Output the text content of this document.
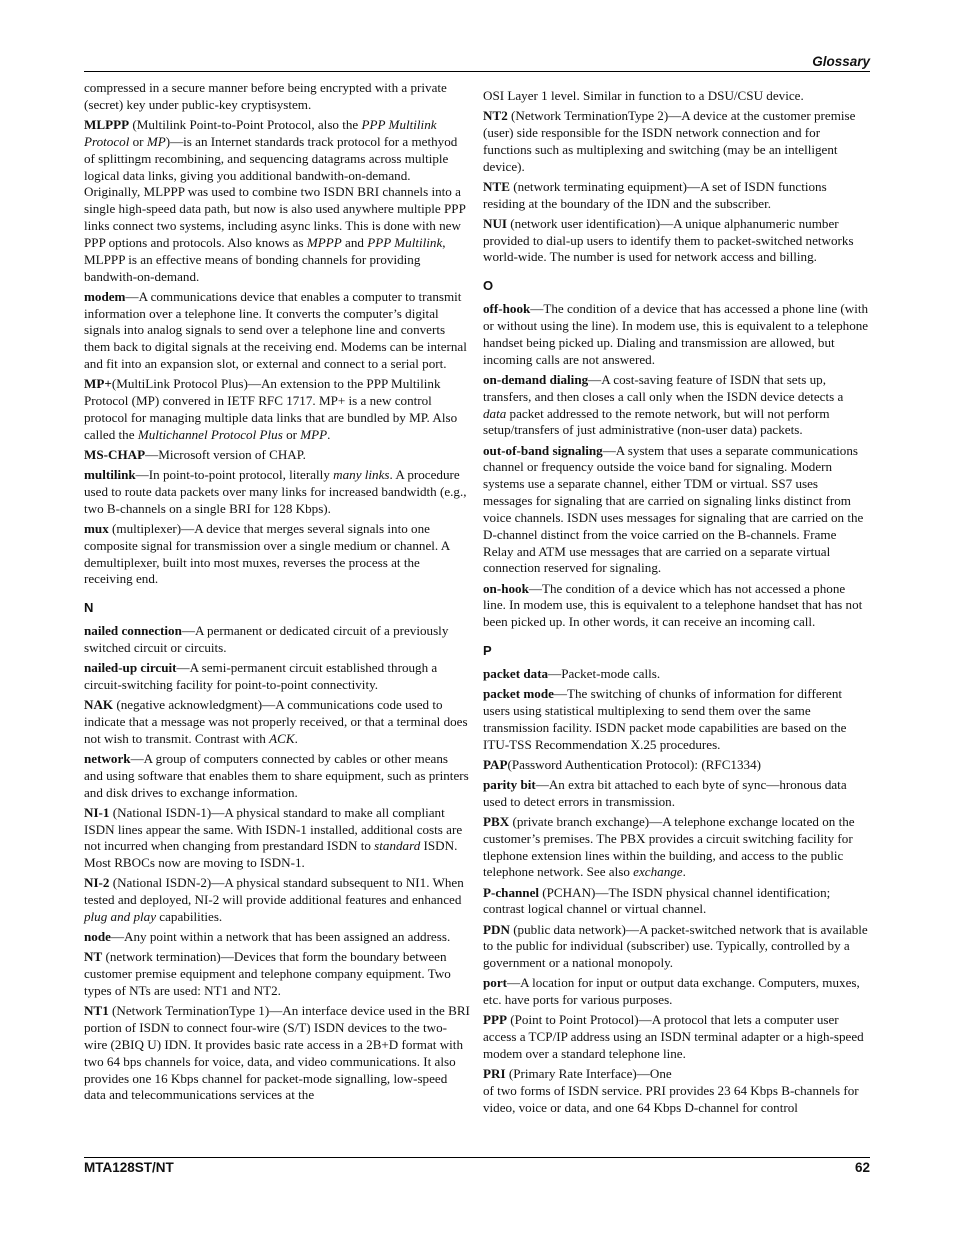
Glossary

compressed in a secure manner before being encrypted with a private (secret) key under public-key cryptisystem.

MLPPP (Multilink Point-to-Point Protocol, also the PPP Multilink Protocol or MP)—is an Internet standards track protocol for a methyod of splittingm recombining, and sequencing datagrams across multiple logical data links, giving you additional bandwith-on-demand. Originally, MLPPP was used to combine two ISDN BRI channels into a single high-speed data path, but now is also used anywhere multiple PPP links connect two systems, including async links. This is done with new PPP options and protocols. Also knows as MPPP and PPP Multilink, MLPPP is an effective means of bonding channels for providing bandwith-on-demand.

modem—A communications device that enables a computer to transmit information over a telephone line. It converts the computer’s digital signals into analog signals to send over a telephone line and converts them back to digital signals at the receiving end. Modems can be internal and fit into an expansion slot, or external and connect to a serial port.

MP+(MultiLink Protocol Plus)—An extension to the PPP Multilink Protocol (MP) convered in IETF RFC 1717. MP+ is a new control protocol for managing multiple data links that are bundled by MP. Also called the Multichannel Protocol Plus or MPP.

MS-CHAP—Microsoft version of CHAP.

multilink—In point-to-point protocol, literally many links. A procedure used to route data packets over many links for increased bandwidth (e.g., two B-channels on a single BRI for 128 Kbps).

mux (multiplexer)—A device that merges several signals into one composite signal for transmission over a single medium or channel. A demultiplexer, built into most muxes, reverses the process at the receiving end.

N

nailed connection—A permanent or dedicated circuit of a previously switched circuit or circuits.

nailed-up circuit—A semi-permanent circuit established through a circuit-switching facility for point-to-point connectivity.

NAK (negative acknowledgment)—A communications code used to indicate that a message was not properly received, or that a terminal does not wish to transmit. Contrast with ACK.

network—A group of computers connected by cables or other means and using software that enables them to share equipment, such as printers and disk drives to exchange information.

NI-1 (National ISDN-1)—A physical standard to make all compliant ISDN lines appear the same. With ISDN-1 installed, additional costs are not incurred when changing from prestandard ISDN to standard ISDN. Most RBOCs now are moving to ISDN-1.

NI-2 (National ISDN-2)—A physical standard subsequent to NI1. When tested and deployed, NI-2 will provide additional features and enhanced plug and play capabilities.

node—Any point within a network that has been assigned an address.

NT (network termination)—Devices that form the boundary between customer premise equipment and telephone company equipment. Two types of NTs are used: NT1 and NT2.

NT1 (Network TerminationType 1)—An interface device used in the BRI portion of ISDN to connect four-wire (S/T) ISDN devices to the two-wire (2BIQ U) IDN. It provides basic rate access in a 2B+D format with two 64 bps channels for voice, data, and video communications. It also provides one 16 Kbps channel for packet-mode signalling, low-speed data and telecommunications services at the

OSI Layer 1 level. Similar in function to a DSU/CSU device.

NT2 (Network TerminationType 2)—A device at the customer premise (user) side responsible for the ISDN network connection and for functions such as multiplexing and switching (may be an intelligent device).

NTE (network terminating equipment)—A set of ISDN functions residing at the boundary of the IDN and the subscriber.

NUI (network user identification)—A unique alphanumeric number provided to dial-up users to identify them to packet-switched networks world-wide. The number is used for network access and billing.

O

off-hook—The condition of a device that has accessed a phone line (with or without using the line). In modem use, this is equivalent to a telephone handset being picked up. Dialing and transmission are allowed, but incoming calls are not answered.

on-demand dialing—A cost-saving feature of ISDN that sets up, transfers, and then closes a call only when the ISDN device detects a data packet addressed to the remote network, but will not perform setup/transfers of just administrative (non-user data) packets.

out-of-band signaling—A system that uses a separate communications channel or frequency outside the voice band for signaling. Modern systems use a separate channel, either TDM or virtual. SS7 uses messages for signaling that are carried on signaling links distinct from voice channels. ISDN uses messages for signaling that are carried on the
D-channel distinct from the voice carried on the B-channels. Frame Relay and ATM use messages that are carried on a separate virtual connection reserved for signaling.

on-hook—The condition of a device which has not accessed a phone line. In modem use, this is equivalent to a telephone handset that has not been picked up. In other words, it can receive an incoming call.

P

packet data—Packet-mode calls.

packet mode—The switching of chunks of information for different users using statistical multiplexing to send them over the same transmission facility. ISDN packet mode capabilities are based on the ITU-TSS Recommendation X.25 procedures.

PAP(Password Authentication Protocol): (RFC1334)

parity bit—An extra bit attached to each byte of sync—hronous data used to detect errors in transmission.

PBX (private branch exchange)—A telephone exchange located on the customer’s premises. The PBX provides a circuit switching facility for tlephone extension lines within the building, and access to the public telephone network. See also exchange.

P-channel (PCHAN)—The ISDN physical channel identification; contrast logical channel or virtual channel.

PDN (public data network)—A packet-switched network that is available to the public for individual (subscriber) use. Typically, controlled by a government or a national monopoly.

port—A location for input or output data exchange. Computers, muxes, etc. have ports for various purposes.

PPP (Point to Point Protocol)—A protocol that lets a computer user access a TCP/IP address using an ISDN terminal adapter or a high-speed modem over a standard telephone line.

PRI (Primary Rate Interface)—One
of two forms of ISDN service. PRI provides 23 64 Kbps B-channels for video, voice or data, and one 64 Kbps D-channel for control

MTA128ST/NT	62
